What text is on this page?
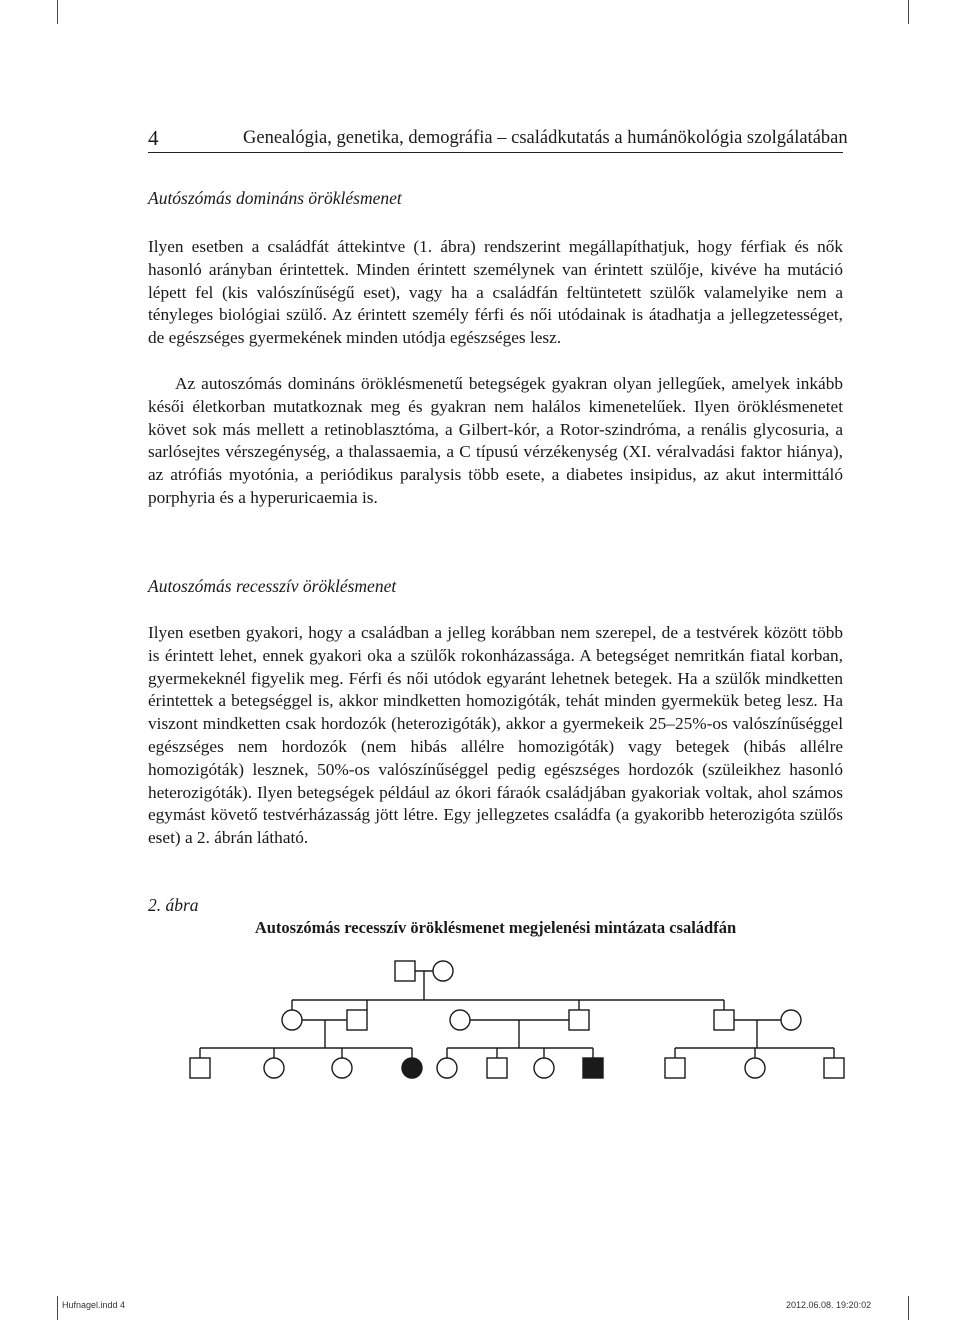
4	Genealógia, genetika, demográfia – családkutatás a humánökológia szolgálatában
Autószómás domináns öröklésmenet

Ilyen esetben a családfát áttekintve (1. ábra) rendszerint megállapíthatjuk, hogy férfiak és nők hasonló arányban érintettek. Minden érintett személynek van érintett szülője, kivéve ha mutáció lépett fel (kis valószínűségű eset), vagy ha a családfán feltüntetett szülők valamelyike nem a tényleges biológiai szülő. Az érintett személy férfi és női utódainak is átadhatja a jellegzetességet, de egészséges gyermekének minden utódja egészséges lesz.

Az autoszómás domináns öröklésmenetű betegségek gyakran olyan jellegűek, amelyek inkább késői életkorban mutatkoznak meg és gyakran nem halálos kimenetelűek. Ilyen öröklésmenetet követ sok más mellett a retinoblasztóma, a Gilbert-kór, a Rotor-szindróma, a renális glycosuria, a sarlósejtes vérszegénység, a thalassaemia, a C típusú vérzékenység (XI. véralvadási faktor hiánya), az atrófiás myotónia, a periódikus paralysis több esete, a diabetes insipidus, az akut intermittáló porphyria és a hyperuricaemia is.

Autoszómás recesszív öröklésmenet

Ilyen esetben gyakori, hogy a családban a jelleg korábban nem szerepel, de a testvérek között több is érintett lehet, ennek gyakori oka a szülők rokonházassága. A betegséget nemritkán fiatal korban, gyermekeknél figyelik meg. Férfi és női utódok egyaránt lehetnek betegek. Ha a szülők mindketten érintettek a betegséggel is, akkor mindketten homozigóták, tehát minden gyermekük beteg lesz. Ha viszont mindketten csak hordozók (heterozigóták), akkor a gyermekeik 25–25%-os valószínűséggel egészséges nem hordozók (nem hibás allélre homozigóták) vagy betegek (hibás allélre homozigóták) lesznek, 50%-os valószínűséggel pedig egészséges hordozók (szüleikhez hasonló heterozigóták). Ilyen betegségek például az ókori fáraók családjában gyakoriak voltak, ahol számos egymást követő testvérházasság jött létre. Egy jellegzetes családfa (a gyakoribb heterozigóta szülős eset) a 2. ábrán látható.

2. ábra
Autoszómás recesszív öröklésmenet megjelenési mintázata családfán
Hufnagel.indd 4	2012.06.08. 19:20:02
